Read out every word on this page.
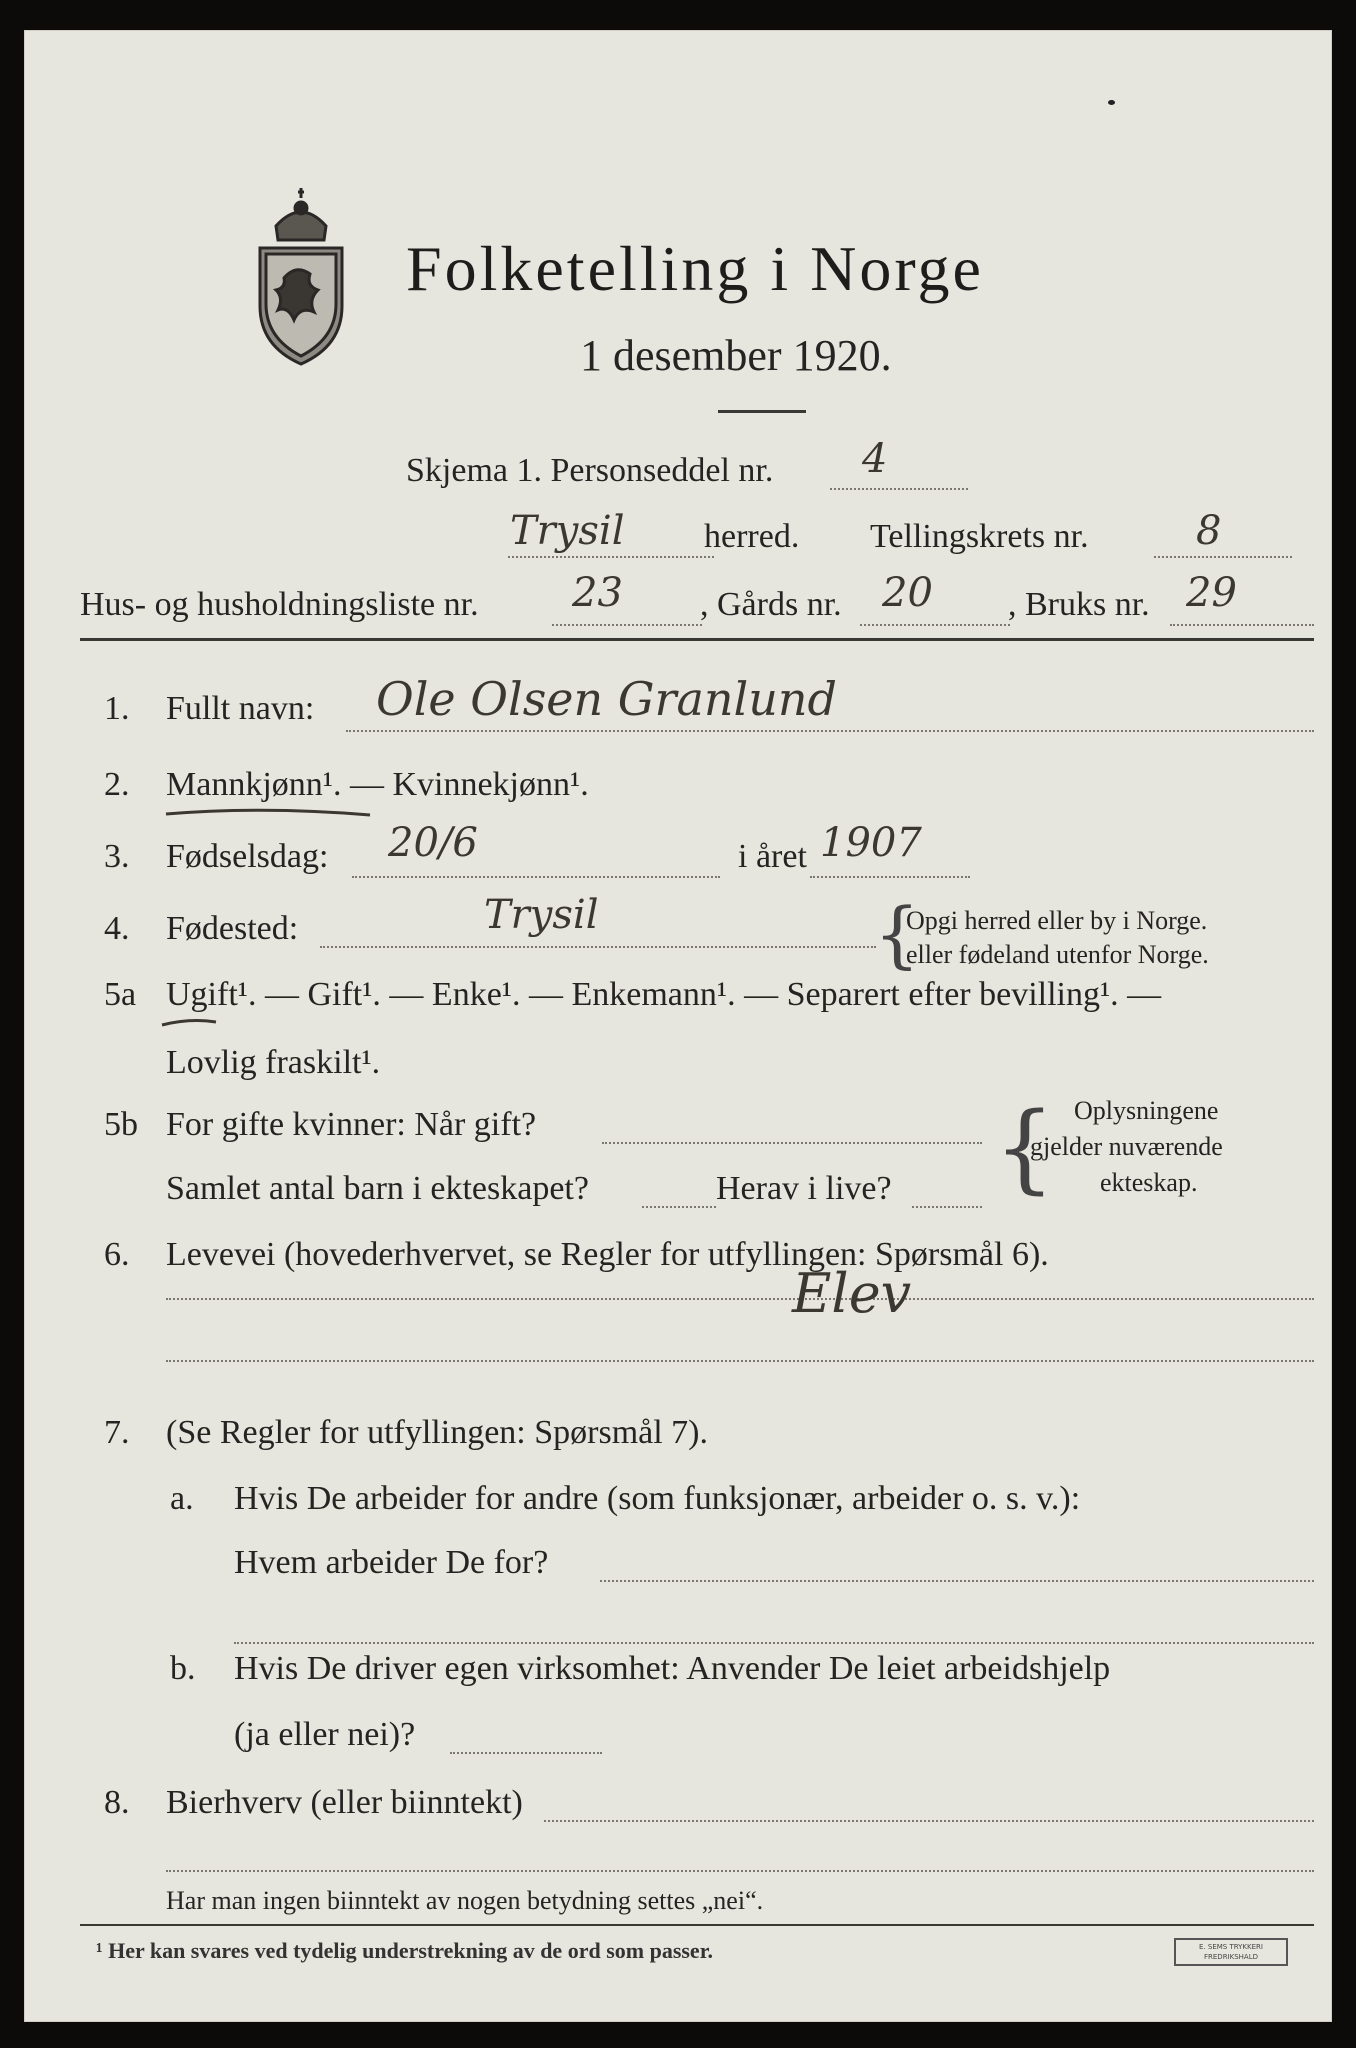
Folketelling i Norge
1 desember 1920.
Skjema 1. Personseddel nr. 4
Trysil herred. Tellingskrets nr.	8
Hus- og husholdningsliste nr. 23 , Gårds nr. 20 , Bruks nr. 29
1. Fullt navn: Ole Olsen Granlund
2. Mannkjønn¹. — Kvinnekjønn¹.
3. Fødselsdag: 20/6	i året 1907
4. Fødested:	Trysil	{
Opgi herred eller by i Norge.
eller fødeland utenfor Norge.
5a Ugift¹. — Gift¹. — Enke¹. — Enkemann¹. — Separert efter bevilling¹. —
Lovlig fraskilt¹.
5b For gifte kvinner: Når gift?
Samlet antal barn i ekteskapet?	Herav i live? { Oplysningene
gjelder nuværende
ekteskap.
6. Levevei (hovederhvervet, se Regler for utfyllingen: Spørsmål 6).
Elev
7. (Se Regler for utfyllingen: Spørsmål 7).
a. Hvis De arbeider for andre (som funksjonær, arbeider o. s. v.):
Hvem arbeider De for?
b. Hvis De driver egen virksomhet: Anvender De leiet arbeidshjelp
(ja eller nei)?
8. Bierhverv (eller biinntekt)
Har man ingen biinntekt av nogen betydning settes „nei“.
¹ Her kan svares ved tydelig understrekning av de ord som passer.	E. SEMS TRYKKERI FREDRIKSHALD
